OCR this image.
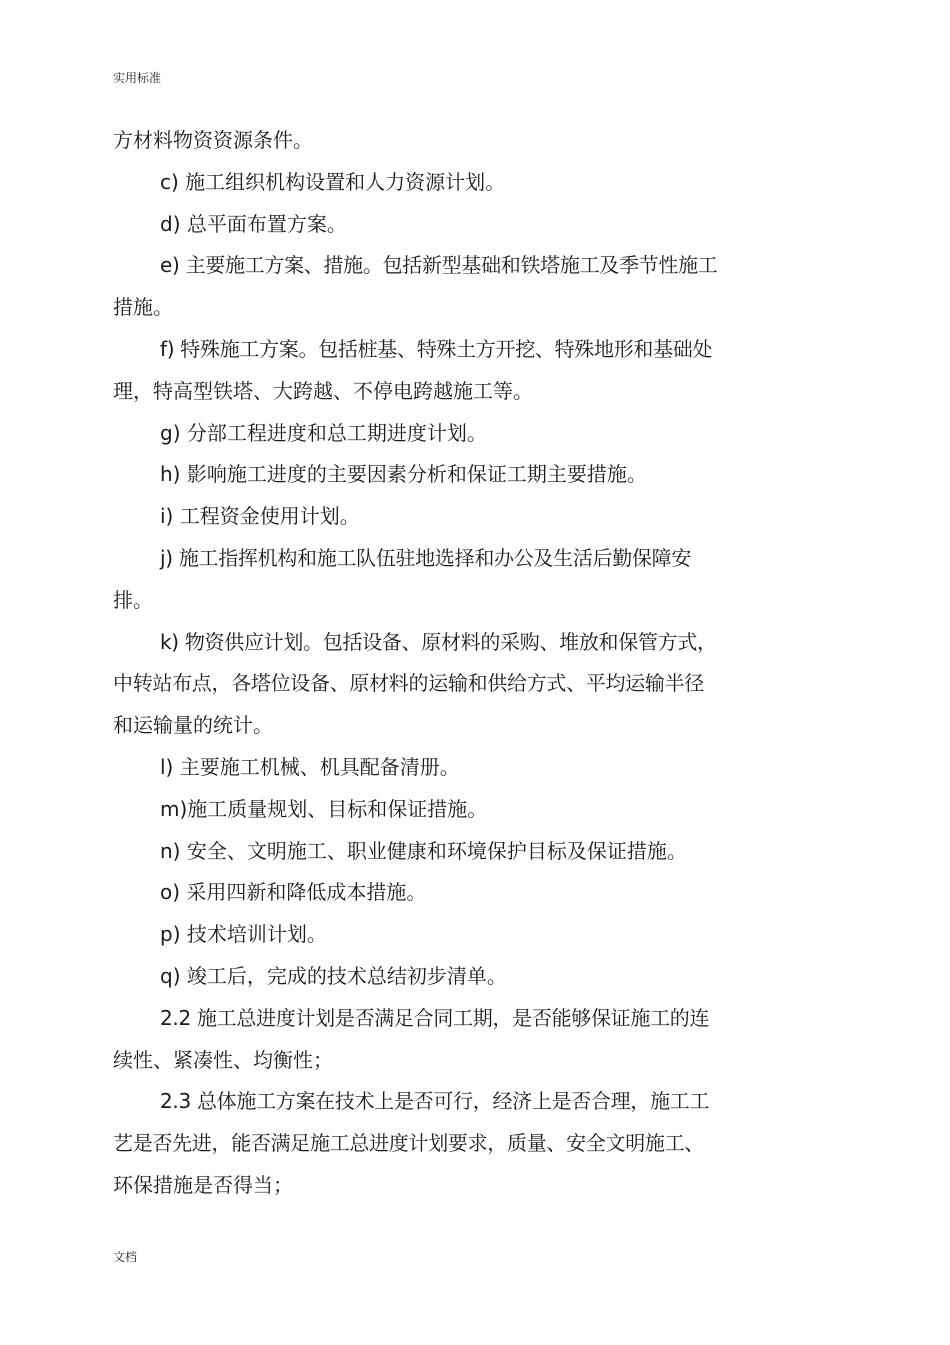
实用标准
方材料物资资源条件。
c) 施工组织机构设置和人力资源计划。
d) 总平面布置方案。
e) 主要施工方案、措施。包括新型基础和铁塔施工及季节性施工
措施。
f) 特殊施工方案。包括桩基、特殊土方开挖、特殊地形和基础处
理，特高型铁塔、大跨越、不停电跨越施工等。
g) 分部工程进度和总工期进度计划。
h) 影响施工进度的主要因素分析和保证工期主要措施。
i) 工程资金使用计划。
j) 施工指挥机构和施工队伍驻地选择和办公及生活后勤保障安
排。
k) 物资供应计划。包括设备、原材料的采购、堆放和保管方式，
中转站布点，各塔位设备、原材料的运输和供给方式、平均运输半径
和运输量的统计。
l) 主要施工机械、机具配备清册。
m)施工质量规划、目标和保证措施。
n) 安全、文明施工、职业健康和环境保护目标及保证措施。
o) 采用四新和降低成本措施。
p) 技术培训计划。
q) 竣工后，完成的技术总结初步清单。
2.2 施工总进度计划是否满足合同工期，是否能够保证施工的连
续性、紧凑性、均衡性；
2.3 总体施工方案在技术上是否可行，经济上是否合理，施工工
艺是否先进，能否满足施工总进度计划要求，质量、安全文明施工、
环保措施是否得当；
文档
